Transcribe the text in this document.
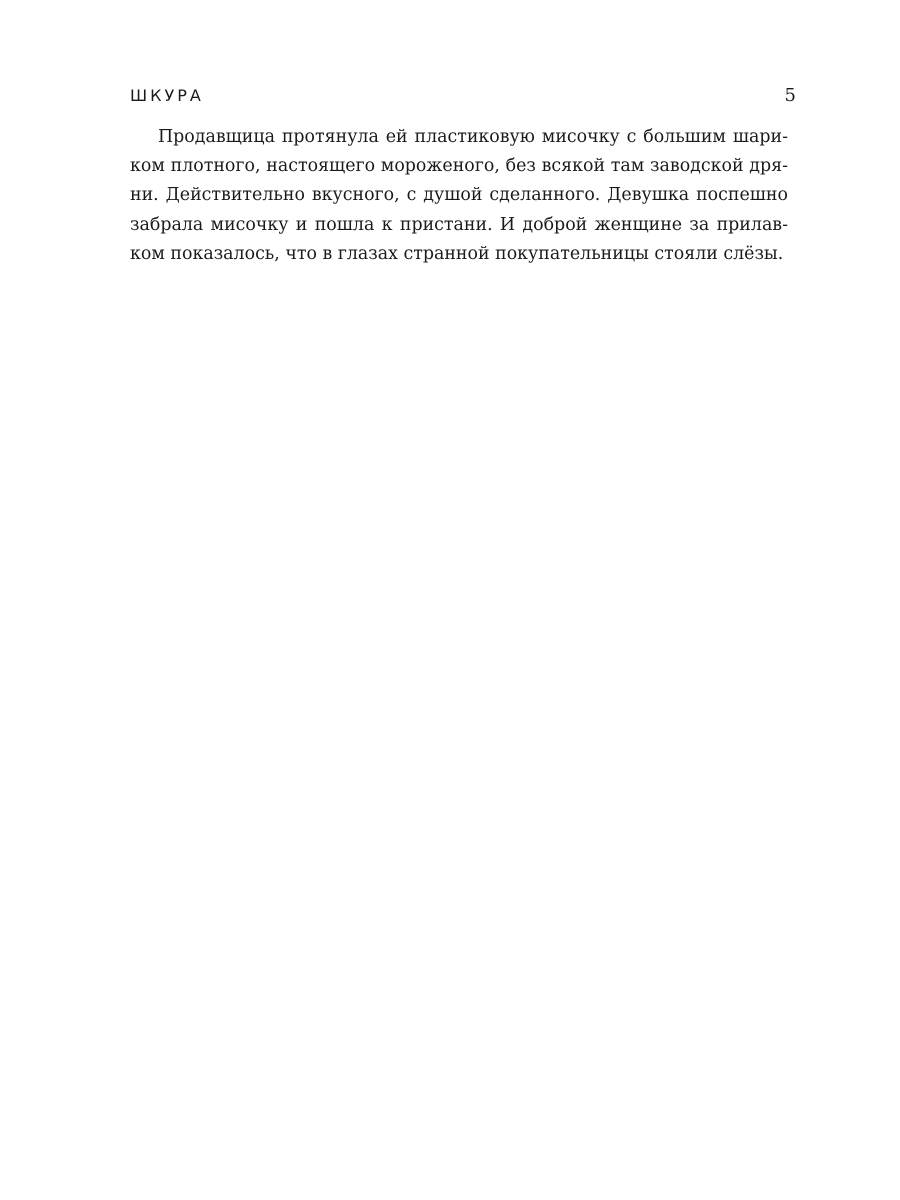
ШКУРА	5

Продавщица протянула ей пластиковую мисочку с большим шариком плотного, настоящего мороженого, без всякой там заводской дряни. Действительно вкусного, с душой сделанного. Девушка поспешно забрала мисочку и пошла к пристани. И доброй женщине за прилавком показалось, что в глазах странной покупательницы стояли слёзы.
